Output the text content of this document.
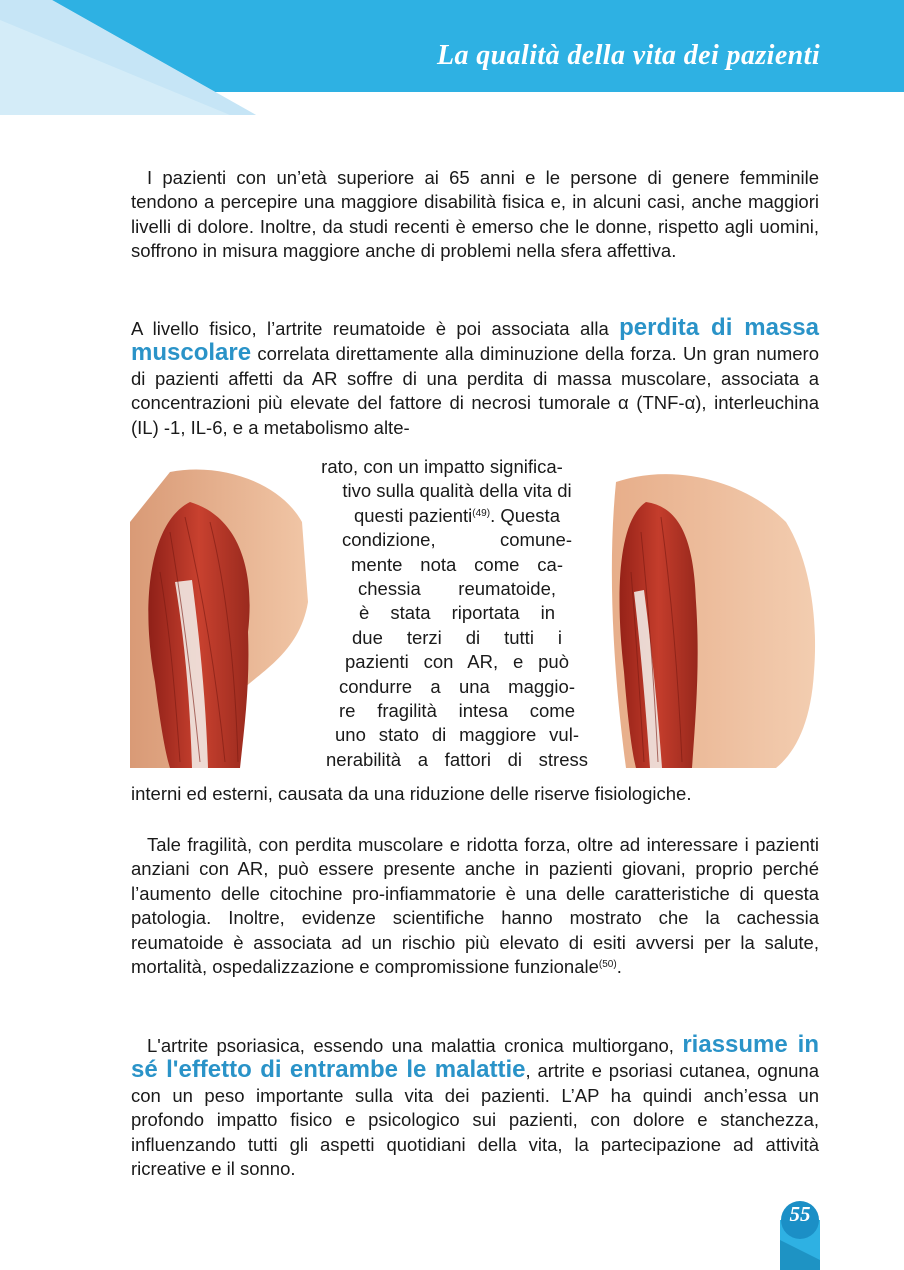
La qualità della vita dei pazienti

I pazienti con un’età superiore ai 65 anni e le persone di genere femminile tendono a percepire una maggiore disabilità fisica e, in alcuni casi, anche maggiori livelli di dolore. Inoltre, da studi recenti è emerso che le donne, rispetto agli uomini, soffrono in misura maggiore anche di problemi nella sfera affettiva.

A livello fisico, l’artrite reumatoide è poi associata alla perdita di massa muscolare correlata direttamente alla diminuzione della forza. Un gran numero di pazienti affetti da AR soffre di una perdita di massa muscolare, associata a concentrazioni più elevate del fattore di necrosi tumorale α (TNF-α), interleuchina (IL) -1, IL-6, e a metabolismo alte-

rato, con un impatto significa-
tivo sulla qualità della vita di
questi pazienti$^{(49)}$. Questa
condizione, comune-
mente nota come ca-
chessia reumatoide,
è stata riportata in
due terzi di tutti i
pazienti con AR, e può
condurre a una maggio-
re fragilità intesa come
uno stato di maggiore vul-
nerabilità a fattori di stress
interni ed esterni, causata da una riduzione delle riserve fisiologiche.

Tale fragilità, con perdita muscolare e ridotta forza, oltre ad interessare i pazienti anziani con AR, può essere presente anche in pazienti giovani, proprio perché l’aumento delle citochine pro-infiammatorie è una delle caratteristiche di questa patologia. Inoltre, evidenze scientifiche hanno mostrato che la cachessia reumatoide è associata ad un rischio più elevato di esiti avversi per la salute, mortalità, ospedalizzazione e compromissione funzionale$^{(50)}$.

L'artrite psoriasica, essendo una malattia cronica multiorgano, riassume in sé l'effetto di entrambe le malattie, artrite e psoriasi cutanea, ognuna con un peso importante sulla vita dei pazienti. L’AP ha quindi anch’essa un profondo impatto fisico e psicologico sui pazienti, con dolore e stanchezza, influenzando tutti gli aspetti quotidiani della vita, la partecipazione ad attività ricreative e il sonno.

55
